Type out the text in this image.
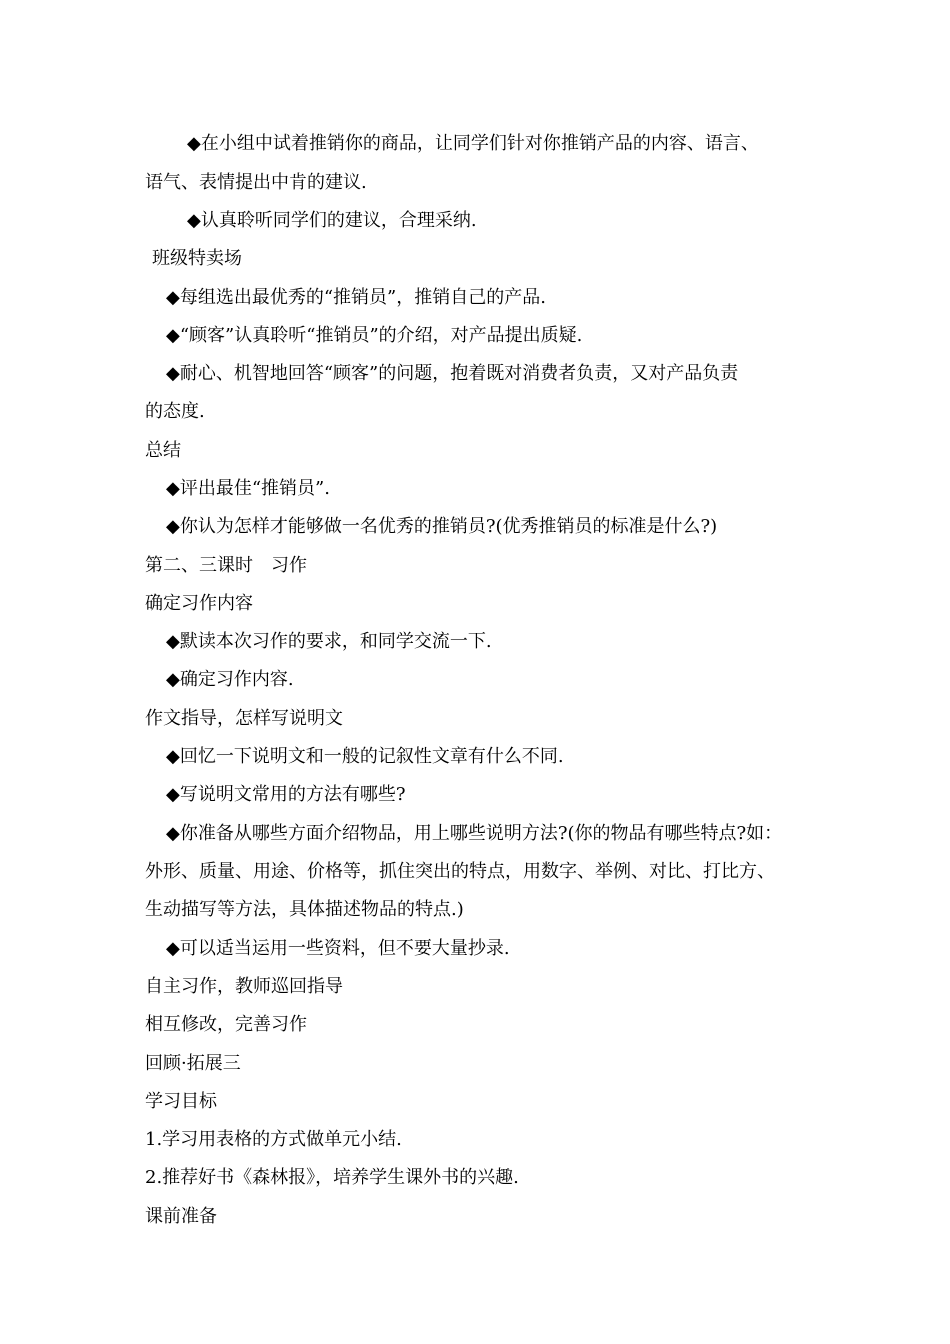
◆在小组中试着推销你的商品，让同学们针对你推销产品的内容、语言、
语气、表情提出中肯的建议.
◆认真聆听同学们的建议，合理采纳.
班级特卖场
◆每组选出最优秀的“推销员”，推销自己的产品.
◆“顾客”认真聆听“推销员”的介绍，对产品提出质疑.
◆耐心、机智地回答“顾客”的问题，抱着既对消费者负责，又对产品负责
的态度.
总结
◆评出最佳“推销员”.
◆你认为怎样才能够做一名优秀的推销员?(优秀推销员的标准是什么?)
第二、三课时　习作
确定习作内容
◆默读本次习作的要求，和同学交流一下.
◆确定习作内容.
作文指导，怎样写说明文
◆回忆一下说明文和一般的记叙性文章有什么不同.
◆写说明文常用的方法有哪些?
◆你准备从哪些方面介绍物品，用上哪些说明方法?(你的物品有哪些特点?如：
外形、质量、用途、价格等，抓住突出的特点，用数字、举例、对比、打比方、
生动描写等方法，具体描述物品的特点.)
◆可以适当运用一些资料，但不要大量抄录.
自主习作，教师巡回指导
相互修改，完善习作
回顾·拓展三
学习目标
1.学习用表格的方式做单元小结.
2.推荐好书《森林报》，培养学生课外书的兴趣.
课前准备
